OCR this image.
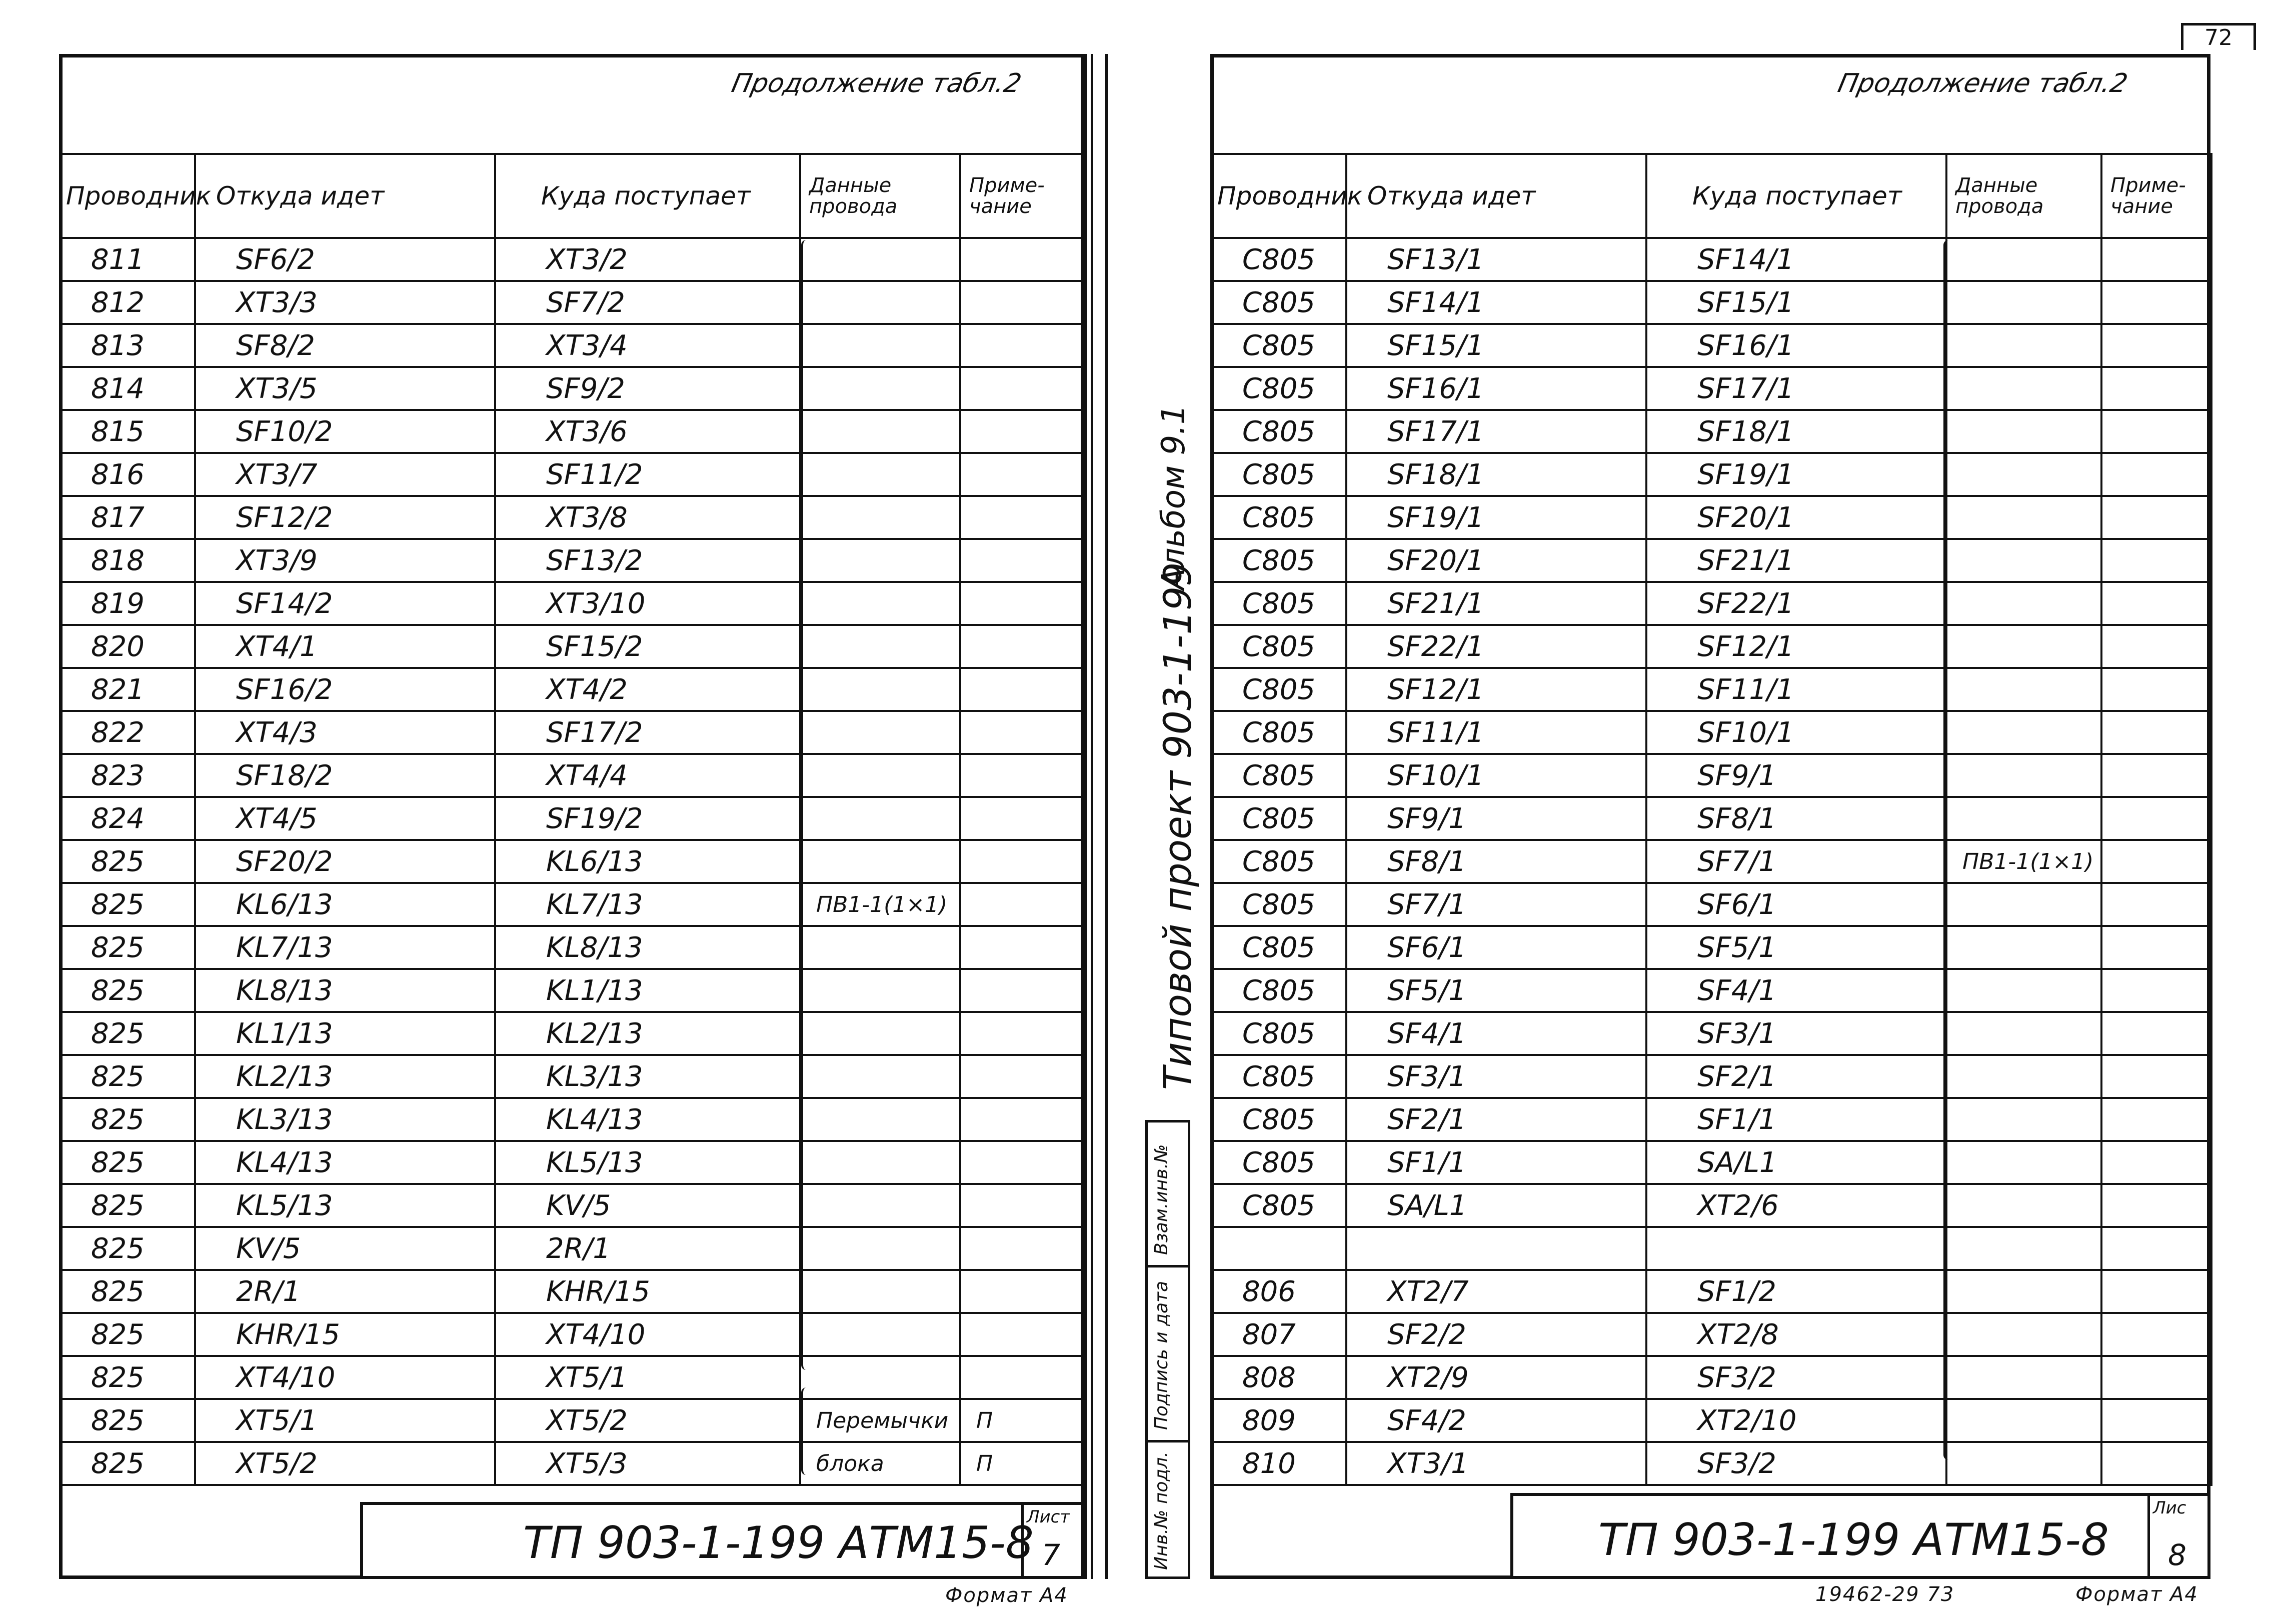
72
Продолжение табл.2
Проводник	Откуда идет	Куда поступает	Данные провода	Приме-чание
811	SF6/2	XT3/2		
812	XT3/3	SF7/2		
813	SF8/2	XT3/4		
814	XT3/5	SF9/2		
815	SF10/2	XT3/6		
816	XT3/7	SF11/2		
817	SF12/2	XT3/8		
818	XT3/9	SF13/2		
819	SF14/2	XT3/10		
820	XT4/1	SF15/2		
821	SF16/2	XT4/2		
822	XT4/3	SF17/2		
823	SF18/2	XT4/4		
824	XT4/5	SF19/2		
825	SF20/2	KL6/13		
825	KL6/13	KL7/13	ПВ1-1(1×1)	
825	KL7/13	KL8/13		
825	KL8/13	KL1/13		
825	KL1/13	KL2/13		
825	KL2/13	KL3/13		
825	KL3/13	KL4/13		
825	KL4/13	KL5/13		
825	KL5/13	KV/5		
825	KV/5	2R/1		
825	2R/1	KHR/15		
825	KHR/15	XT4/10		
825	XT4/10	XT5/1		
825	XT5/1	XT5/2	Перемычки	П
825	XT5/2	XT5/3	блока	П
ТП 903-1-199 АТМ15-8
Лист
7
Формат А4
Альбом 9.1
Типовой проект 903-1-199
Взам.инв.№
Подпись и дата
Инв.№ подл.
Продолжение табл.2
Проводник	Откуда идет	Куда поступает	Данные провода	Приме-чание
С805	SF13/1	SF14/1		
С805	SF14/1	SF15/1		
С805	SF15/1	SF16/1		
С805	SF16/1	SF17/1		
С805	SF17/1	SF18/1		
С805	SF18/1	SF19/1		
С805	SF19/1	SF20/1		
С805	SF20/1	SF21/1		
С805	SF21/1	SF22/1		
С805	SF22/1	SF12/1		
С805	SF12/1	SF11/1		
С805	SF11/1	SF10/1		
С805	SF10/1	SF9/1		
С805	SF9/1	SF8/1		
С805	SF8/1	SF7/1	ПВ1-1(1×1)	
С805	SF7/1	SF6/1		
С805	SF6/1	SF5/1		
С805	SF5/1	SF4/1		
С805	SF4/1	SF3/1		
С805	SF3/1	SF2/1		
С805	SF2/1	SF1/1		
С805	SF1/1	SA/L1		
С805	SA/L1	XT2/6		

806	XT2/7	SF1/2		
807	SF2/2	XT2/8		
808	XT2/9	SF3/2		
809	SF4/2	XT2/10		
810	XT3/1	SF3/2		
ТП 903-1-199 АТМ15-8
Лис
8
19462-29 73	Формат А4
